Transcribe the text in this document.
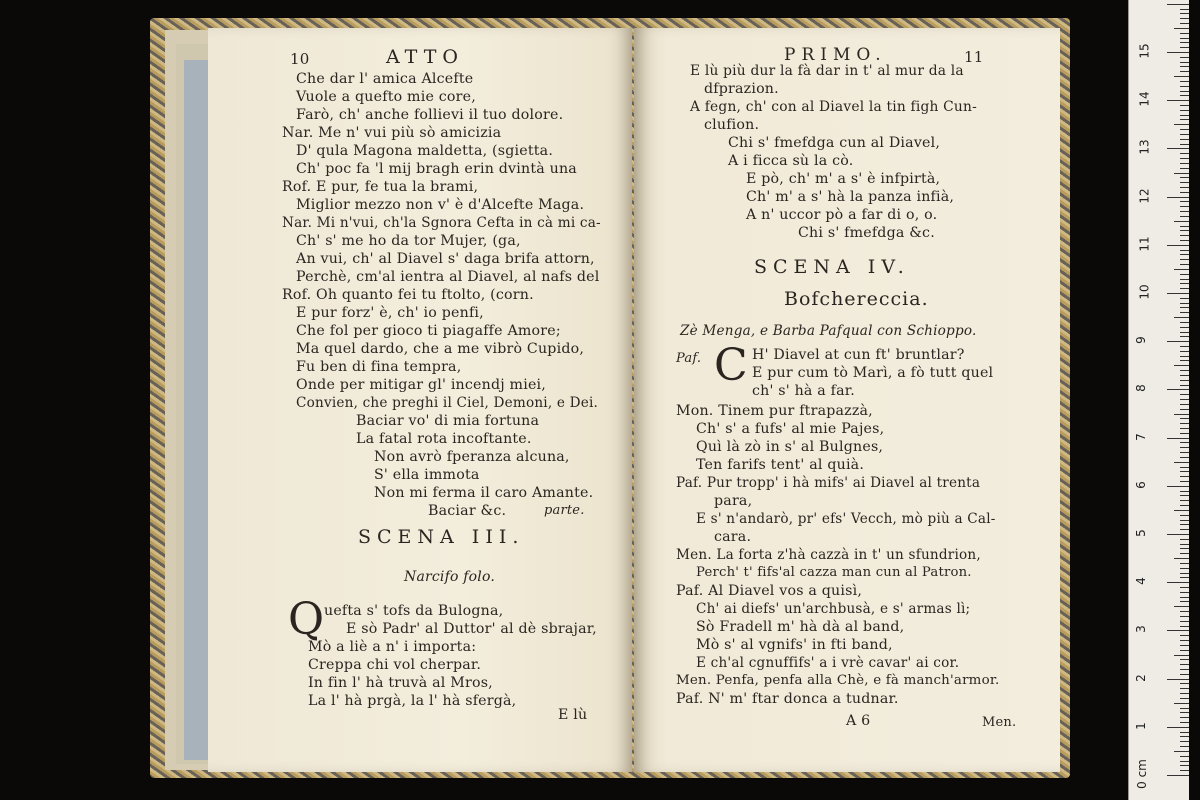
10	ATTO
Che dar l' amica Alcefte
Vuole a quefto mie core,
Farò, ch' anche follievi il tuo dolore.
Nar. Me n' vui più sò amicizia
D' qula Magona maldetta, (sgietta.
Ch' poc fa 'l mij bragh erin dvintà una
Rof. E pur, fe tua la brami,
Miglior mezzo non v' è d'Alcefte Maga.
Nar. Mi n'vui, ch'la Sgnora Cefta in cà mi ca-
Ch' s' me ho da tor Mujer, (ga,
An vui, ch' al Diavel s' daga brifa attorn,
Perchè, cm'al ientra al Diavel, al nafs del
Rof. Oh quanto fei tu ftolto, (corn.
E pur forz' è, ch' io penfi,
Che fol per gioco ti piagaffe Amore;
Ma quel dardo, che a me vibrò Cupido,
Fu ben di fina tempra,
Onde per mitigar gl' incendj miei,
Convien, che preghi il Ciel, Demoni, e Dei.
Baciar vo' di mia fortuna
La fatal rota incoftante.
Non avrò fperanza alcuna,
S' ella immota
Non mi ferma il caro Amante.
Baciar &c.	parte.
SCENA III.
Narcifo folo.
Q uefta s' tofs da Bulogna,
E sò Padr' al Duttor' al dè sbrajar,
Mò a liè a n' i importa:
Creppa chi vol cherpar.
In fin l' hà truvà al Mros,
La l' hà prgà, la l' hà sfergà,
E lù
PRIMO.	11
E lù più dur la fà dar in t' al mur da la
dfprazion.
A fegn, ch' con al Diavel la tin figh Cun-
clufion.
Chi s' fmefdga cun al Diavel,
A i ficca sù la cò.
E pò, ch' m' a s' è infpirtà,
Ch' m' a s' hà la panza infià,
A n' uccor pò a far di o, o.
Chi s' fmefdga &c.
SCENA IV.
Bofchereccia.
Zè Menga, e Barba Pafqual con Schioppo.
Paf. C H' Diavel at cun ft' bruntlar?
E pur cum tò Marì, a fò tutt quel
ch' s' hà a far.
Mon. Tinem pur ftrapazzà,
Ch' s' a fufs' al mie Pajes,
Quì là zò in s' al Bulgnes,
Ten farifs tent' al quià.
Paf. Pur tropp' i hà mifs' ai Diavel al trenta
para,
E s' n'andarò, pr' efs' Vecch, mò più a Cal-
cara.
Men. La forta z'hà cazzà in t' un sfundrion,
Perch' t' fifs'al cazza man cun al Patron.
Paf. Al Diavel vos a quisì,
Ch' ai diefs' un'archbusà, e s' armas lì;
Sò Fradell m' hà dà al band,
Mò s' al vgnifs' in fti band,
E ch'al cgnuffifs' a i vrè cavar' ai cor.
Men. Penfa, penfa alla Chè, e fà manch'armor.
Paf. N' m' ftar donca a tudnar.
A 6	Men.
0 cm
1
2
3
4
5
6
7
8
9
10
11
12
13
14
15
